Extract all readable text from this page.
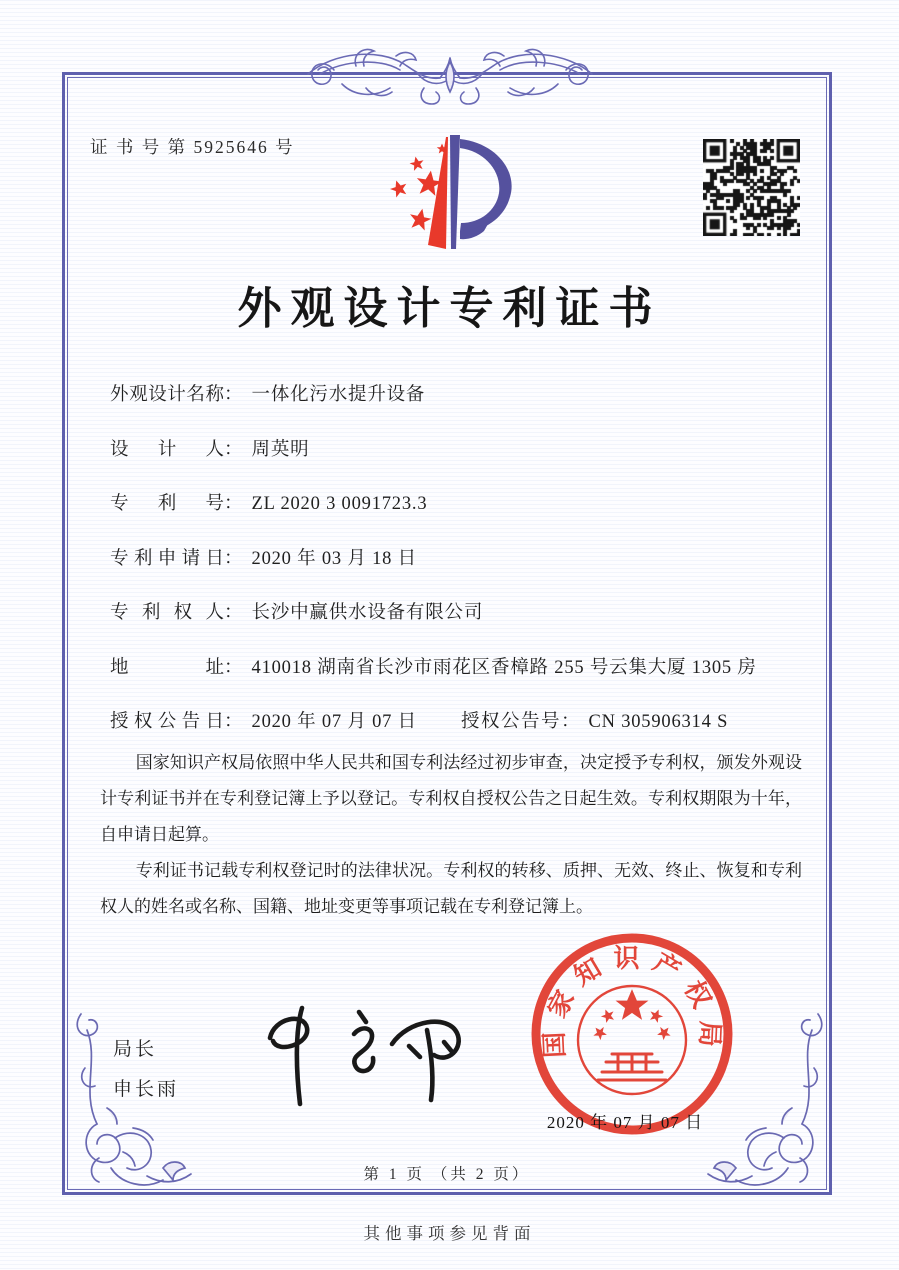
证 书 号 第 5925646 号
外观设计专利证书
外观设计名称： 一体化污水提升设备
设计人： 周英明
专利号： ZL 2020 3 0091723.3
专利申请日： 2020 年 03 月 18 日
专利权人： 长沙中赢供水设备有限公司
地址： 410018 湖南省长沙市雨花区香樟路 255 号云集大厦 1305 房
授权公告日： 2020 年 07 月 07 日 授权公告号： CN 305906314 S

国家知识产权局依照中华人民共和国专利法经过初步审查，决定授予专利权，颁发外观设计专利证书并在专利登记簿上予以登记。专利权自授权公告之日起生效。专利权期限为十年，自申请日起算。

专利证书记载专利权登记时的法律状况。专利权的转移、质押、无效、终止、恢复和专利权人的姓名或名称、国籍、地址变更等事项记载在专利登记簿上。

局长
申长雨
国家知识产权局
2020 年 07 月 07 日
第 1 页 （共 2 页）
其他事项参见背面
